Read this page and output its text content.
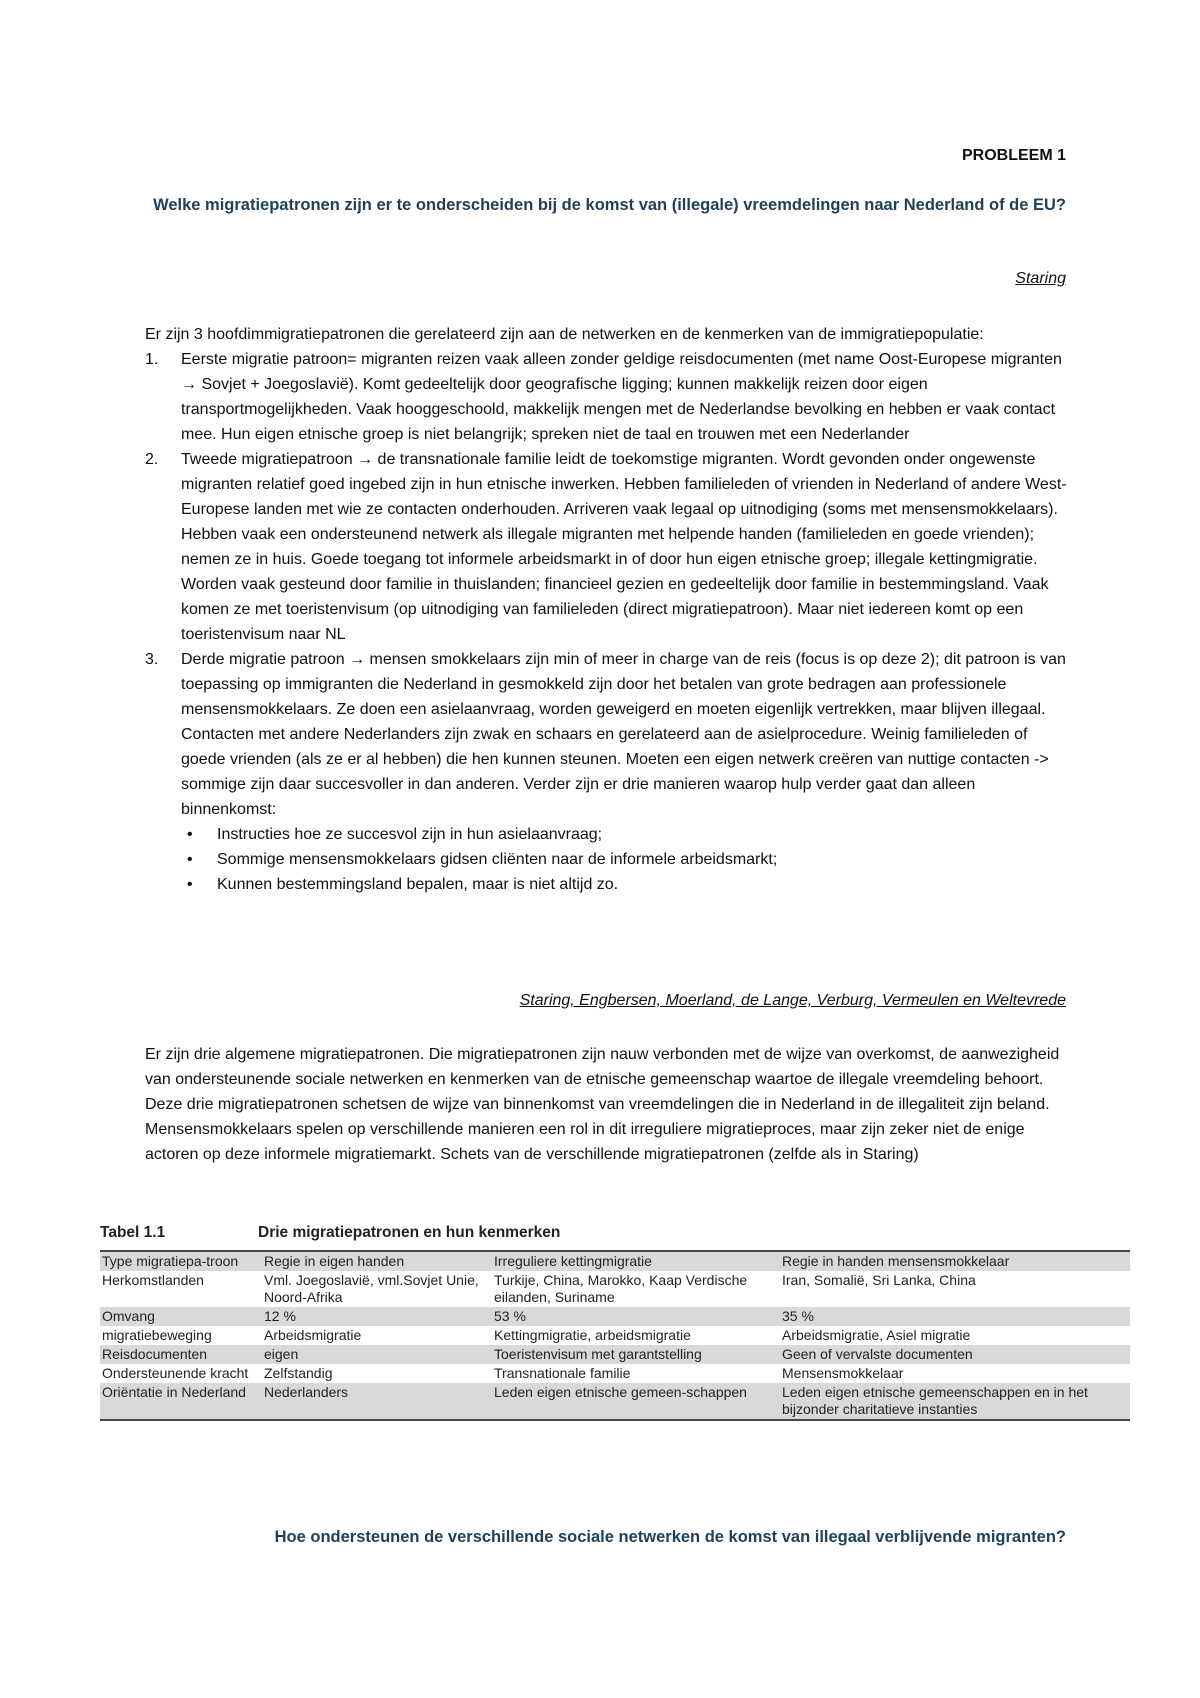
PROBLEEM 1
Welke migratiepatronen zijn er te onderscheiden bij de komst van (illegale) vreemdelingen naar Nederland of de EU?
Staring

Er zijn 3 hoofdimmigratiepatronen die gerelateerd zijn aan de netwerken en de kenmerken van de immigratiepopulatie:

1. Eerste migratie patroon= migranten reizen vaak alleen zonder geldige reisdocumenten (met name Oost-Europese migranten → Sovjet + Joegoslavië). Komt gedeeltelijk door geografische ligging; kunnen makkelijk reizen door eigen transportmogelijkheden. Vaak hooggeschoold, makkelijk mengen met de Nederlandse bevolking en hebben er vaak contact mee. Hun eigen etnische groep is niet belangrijk; spreken niet de taal en trouwen met een Nederlander
2. Tweede migratiepatroon → de transnationale familie leidt de toekomstige migranten. Wordt gevonden onder ongewenste migranten relatief goed ingebed zijn in hun etnische inwerken. Hebben familieleden of vrienden in Nederland of andere West- Europese landen met wie ze contacten onderhouden. Arriveren vaak legaal op uitnodiging (soms met mensensmokkelaars). Hebben vaak een ondersteunend netwerk als illegale migranten met helpende handen (familieleden en goede vrienden); nemen ze in huis. Goede toegang tot informele arbeidsmarkt in of door hun eigen etnische groep; illegale kettingmigratie. Worden vaak gesteund door familie in thuislanden; financieel gezien en gedeeltelijk door familie in bestemmingsland. Vaak komen ze met toeristenvisum (op uitnodiging van familieleden (direct migratiepatroon). Maar niet iedereen komt op een toeristenvisum naar NL
3. Derde migratie patroon → mensen smokkelaars zijn min of meer in charge van de reis (focus is op deze 2); dit patroon is van toepassing op immigranten die Nederland in gesmokkeld zijn door het betalen van grote bedragen aan professionele mensensmokkelaars. Ze doen een asielaanvraag, worden geweigerd en moeten eigenlijk vertrekken, maar blijven illegaal. Contacten met andere Nederlanders zijn zwak en schaars en gerelateerd aan de asielprocedure. Weinig familieleden of goede vrienden (als ze er al hebben) die hen kunnen steunen. Moeten een eigen netwerk creëren van nuttige contacten -> sommige zijn daar succesvoller in dan anderen. Verder zijn er drie manieren waarop hulp verder gaat dan alleen binnenkomst:
•	Instructies hoe ze succesvol zijn in hun asielaanvraag;
•	Sommige mensensmokkelaars gidsen cliënten naar de informele arbeidsmarkt;
•	Kunnen bestemmingsland bepalen, maar is niet altijd zo.
Staring, Engbersen, Moerland, de Lange, Verburg, Vermeulen en Weltevrede

Er zijn drie algemene migratiepatronen. Die migratiepatronen zijn nauw verbonden met de wijze van overkomst, de aanwezigheid van ondersteunende sociale netwerken en kenmerken van de etnische gemeenschap waartoe de illegale vreemdeling behoort. Deze drie migratiepatronen schetsen de wijze van binnenkomst van vreemdelingen die in Nederland in de illegaliteit zijn beland. Mensensmokkelaars spelen op verschillende manieren een rol in dit irreguliere migratieproces, maar zijn zeker niet de enige actoren op deze informele migratiemarkt. Schets van de verschillende migratiepatronen (zelfde als in Staring)

Tabel 1.1	Drie migratiepatronen en hun kenmerken
Type migratiepa-troon	Regie in eigen handen	Irreguliere kettingmigratie	Regie in handen mensensmokkelaar
Herkomstlanden	Vml. Joegoslavië, vml.Sovjet Unie, Noord-Afrika	Turkije, China, Marokko, Kaap Verdische eilanden, Suriname	Iran, Somalië, Sri Lanka, China
Omvang	12 %	53 %	35 %
migratiebeweging	Arbeidsmigratie	Kettingmigratie, arbeidsmigratie	Arbeidsmigratie, Asiel migratie
Reisdocumenten	eigen	Toeristenvisum met garantstelling	Geen of vervalste documenten
Ondersteunende kracht	Zelfstandig	Transnationale familie	Mensensmokkelaar
Oriëntatie in Nederland	Nederlanders	Leden eigen etnische gemeen-schappen	Leden eigen etnische gemeenschappen en in het bijzonder charitatieve instanties
Hoe ondersteunen de verschillende sociale netwerken de komst van illegaal verblijvende migranten?
